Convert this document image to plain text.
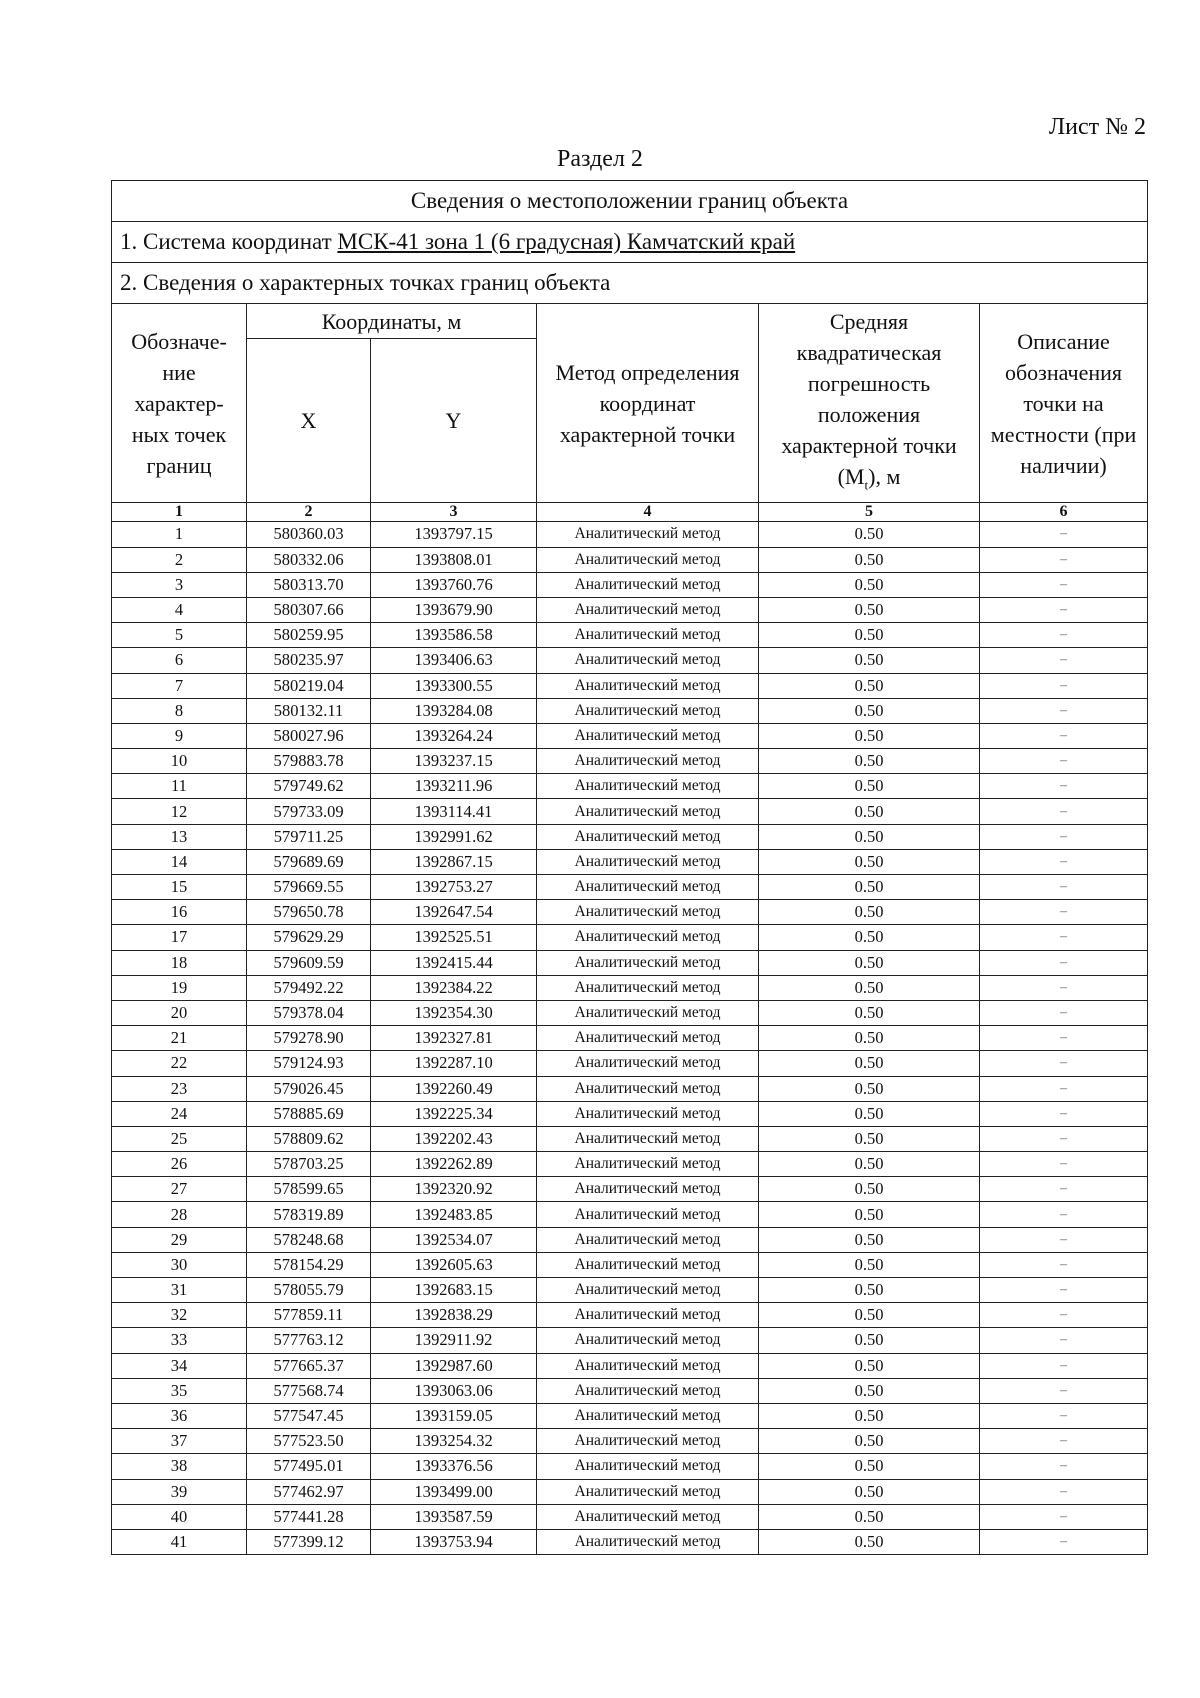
Лист № 2
Раздел 2
Сведения о местоположении границ объекта					
1. Система координат МСК-41 зона 1 (6 градусная) Камчатский край					
2. Сведения о характерных точках границ объекта					
Обозначе-ние характер-ных точек границ	Координаты, м		Метод определения координат характерной точки	Средняя квадратическая погрешность положения характерной точки $(M_t)$, м	Описание обозначения точки на местности (при наличии)
	X	Y			
1	2	3	4	5	6
1	580360.03	1393797.15	Аналитический метод	0.50	–
2	580332.06	1393808.01	Аналитический метод	0.50	–
3	580313.70	1393760.76	Аналитический метод	0.50	–
4	580307.66	1393679.90	Аналитический метод	0.50	–
5	580259.95	1393586.58	Аналитический метод	0.50	–
6	580235.97	1393406.63	Аналитический метод	0.50	–
7	580219.04	1393300.55	Аналитический метод	0.50	–
8	580132.11	1393284.08	Аналитический метод	0.50	–
9	580027.96	1393264.24	Аналитический метод	0.50	–
10	579883.78	1393237.15	Аналитический метод	0.50	–
11	579749.62	1393211.96	Аналитический метод	0.50	–
12	579733.09	1393114.41	Аналитический метод	0.50	–
13	579711.25	1392991.62	Аналитический метод	0.50	–
14	579689.69	1392867.15	Аналитический метод	0.50	–
15	579669.55	1392753.27	Аналитический метод	0.50	–
16	579650.78	1392647.54	Аналитический метод	0.50	–
17	579629.29	1392525.51	Аналитический метод	0.50	–
18	579609.59	1392415.44	Аналитический метод	0.50	–
19	579492.22	1392384.22	Аналитический метод	0.50	–
20	579378.04	1392354.30	Аналитический метод	0.50	–
21	579278.90	1392327.81	Аналитический метод	0.50	–
22	579124.93	1392287.10	Аналитический метод	0.50	–
23	579026.45	1392260.49	Аналитический метод	0.50	–
24	578885.69	1392225.34	Аналитический метод	0.50	–
25	578809.62	1392202.43	Аналитический метод	0.50	–
26	578703.25	1392262.89	Аналитический метод	0.50	–
27	578599.65	1392320.92	Аналитический метод	0.50	–
28	578319.89	1392483.85	Аналитический метод	0.50	–
29	578248.68	1392534.07	Аналитический метод	0.50	–
30	578154.29	1392605.63	Аналитический метод	0.50	–
31	578055.79	1392683.15	Аналитический метод	0.50	–
32	577859.11	1392838.29	Аналитический метод	0.50	–
33	577763.12	1392911.92	Аналитический метод	0.50	–
34	577665.37	1392987.60	Аналитический метод	0.50	–
35	577568.74	1393063.06	Аналитический метод	0.50	–
36	577547.45	1393159.05	Аналитический метод	0.50	–
37	577523.50	1393254.32	Аналитический метод	0.50	–
38	577495.01	1393376.56	Аналитический метод	0.50	–
39	577462.97	1393499.00	Аналитический метод	0.50	–
40	577441.28	1393587.59	Аналитический метод	0.50	–
41	577399.12	1393753.94	Аналитический метод	0.50	–
